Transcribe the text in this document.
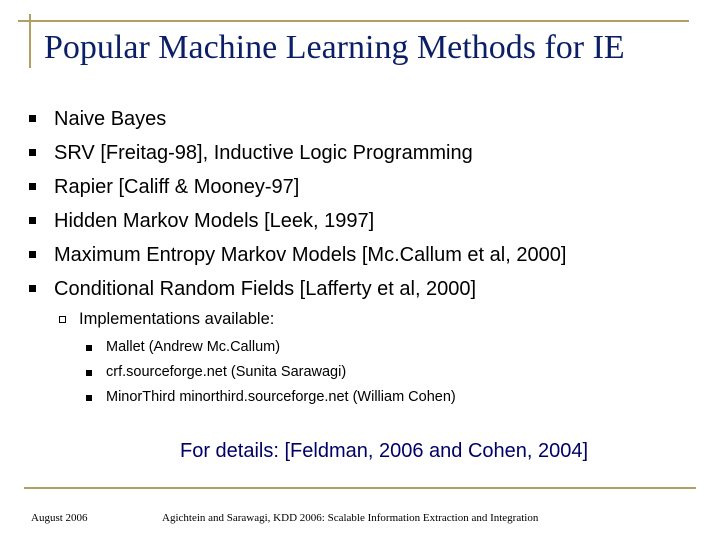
Popular Machine Learning Methods for IE
Naive Bayes
SRV [Freitag-98], Inductive Logic Programming
Rapier [Califf & Mooney-97]
Hidden Markov Models [Leek, 1997]
Maximum Entropy Markov Models [Mc.Callum et al, 2000]
Conditional Random Fields [Lafferty et al, 2000]
Implementations available:
Mallet (Andrew Mc.Callum)
crf.sourceforge.net (Sunita Sarawagi)
MinorThird minorthird.sourceforge.net (William Cohen)
For details: [Feldman, 2006 and Cohen, 2004]
August 2006	Agichtein and Sarawagi, KDD 2006: Scalable Information Extraction and Integration
